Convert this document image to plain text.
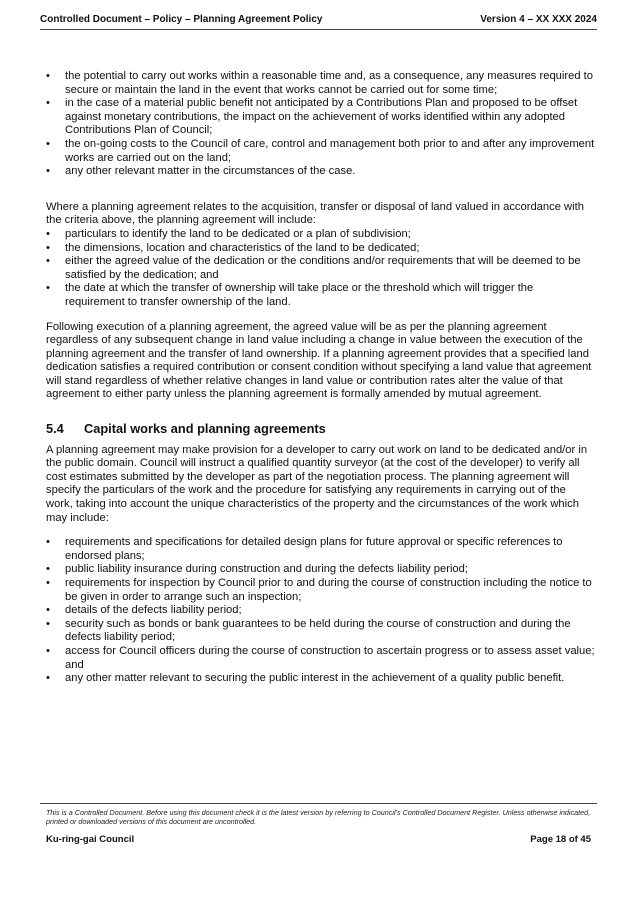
Controlled Document – Policy – Planning Agreement Policy	Version 4 – XX XXX 2024
• the potential to carry out works within a reasonable time and, as a consequence, any measures required to secure or maintain the land in the event that works cannot be carried out for some time;
• in the case of a material public benefit not anticipated by a Contributions Plan and proposed to be offset against monetary contributions, the impact on the achievement of works identified within any adopted Contributions Plan of Council;
• the on-going costs to the Council of care, control and management both prior to and after any improvement works are carried out on the land;
• any other relevant matter in the circumstances of the case.

Where a planning agreement relates to the acquisition, transfer or disposal of land valued in accordance with the criteria above, the planning agreement will include:

• particulars to identify the land to be dedicated or a plan of subdivision;
• the dimensions, location and characteristics of the land to be dedicated;
• either the agreed value of the dedication or the conditions and/or requirements that will be deemed to be satisfied by the dedication; and
• the date at which the transfer of ownership will take place or the threshold which will trigger the requirement to transfer ownership of the land.

Following execution of a planning agreement, the agreed value will be as per the planning agreement regardless of any subsequent change in land value including a change in value between the execution of the planning agreement and the transfer of land ownership. If a planning agreement provides that a specified land dedication satisfies a required contribution or consent condition without specifying a land value that agreement will stand regardless of whether relative changes in land value or contribution rates alter the value of that agreement to either party unless the planning agreement is formally amended by mutual agreement.

5.4	Capital works and planning agreements

A planning agreement may make provision for a developer to carry out work on land to be dedicated and/or in the public domain. Council will instruct a qualified quantity surveyor (at the cost of the developer) to verify all cost estimates submitted by the developer as part of the negotiation process. The planning agreement will specify the particulars of the work and the procedure for satisfying any requirements in carrying out of the work, taking into account the unique characteristics of the property and the circumstances of the work which may include:

• requirements and specifications for detailed design plans for future approval or specific references to endorsed plans;
• public liability insurance during construction and during the defects liability period;
• requirements for inspection by Council prior to and during the course of construction including the notice to be given in order to arrange such an inspection;
• details of the defects liability period;
• security such as bonds or bank guarantees to be held during the course of construction and during the defects liability period;
• access for Council officers during the course of construction to ascertain progress or to assess asset value; and
• any other matter relevant to securing the public interest in the achievement of a quality public benefit.
This is a Controlled Document. Before using this document check it is the latest version by referring to Council’s Controlled Document Register. Unless otherwise indicated, printed or downloaded versions of this document are uncontrolled.
Ku-ring-gai Council	Page 18 of 45
